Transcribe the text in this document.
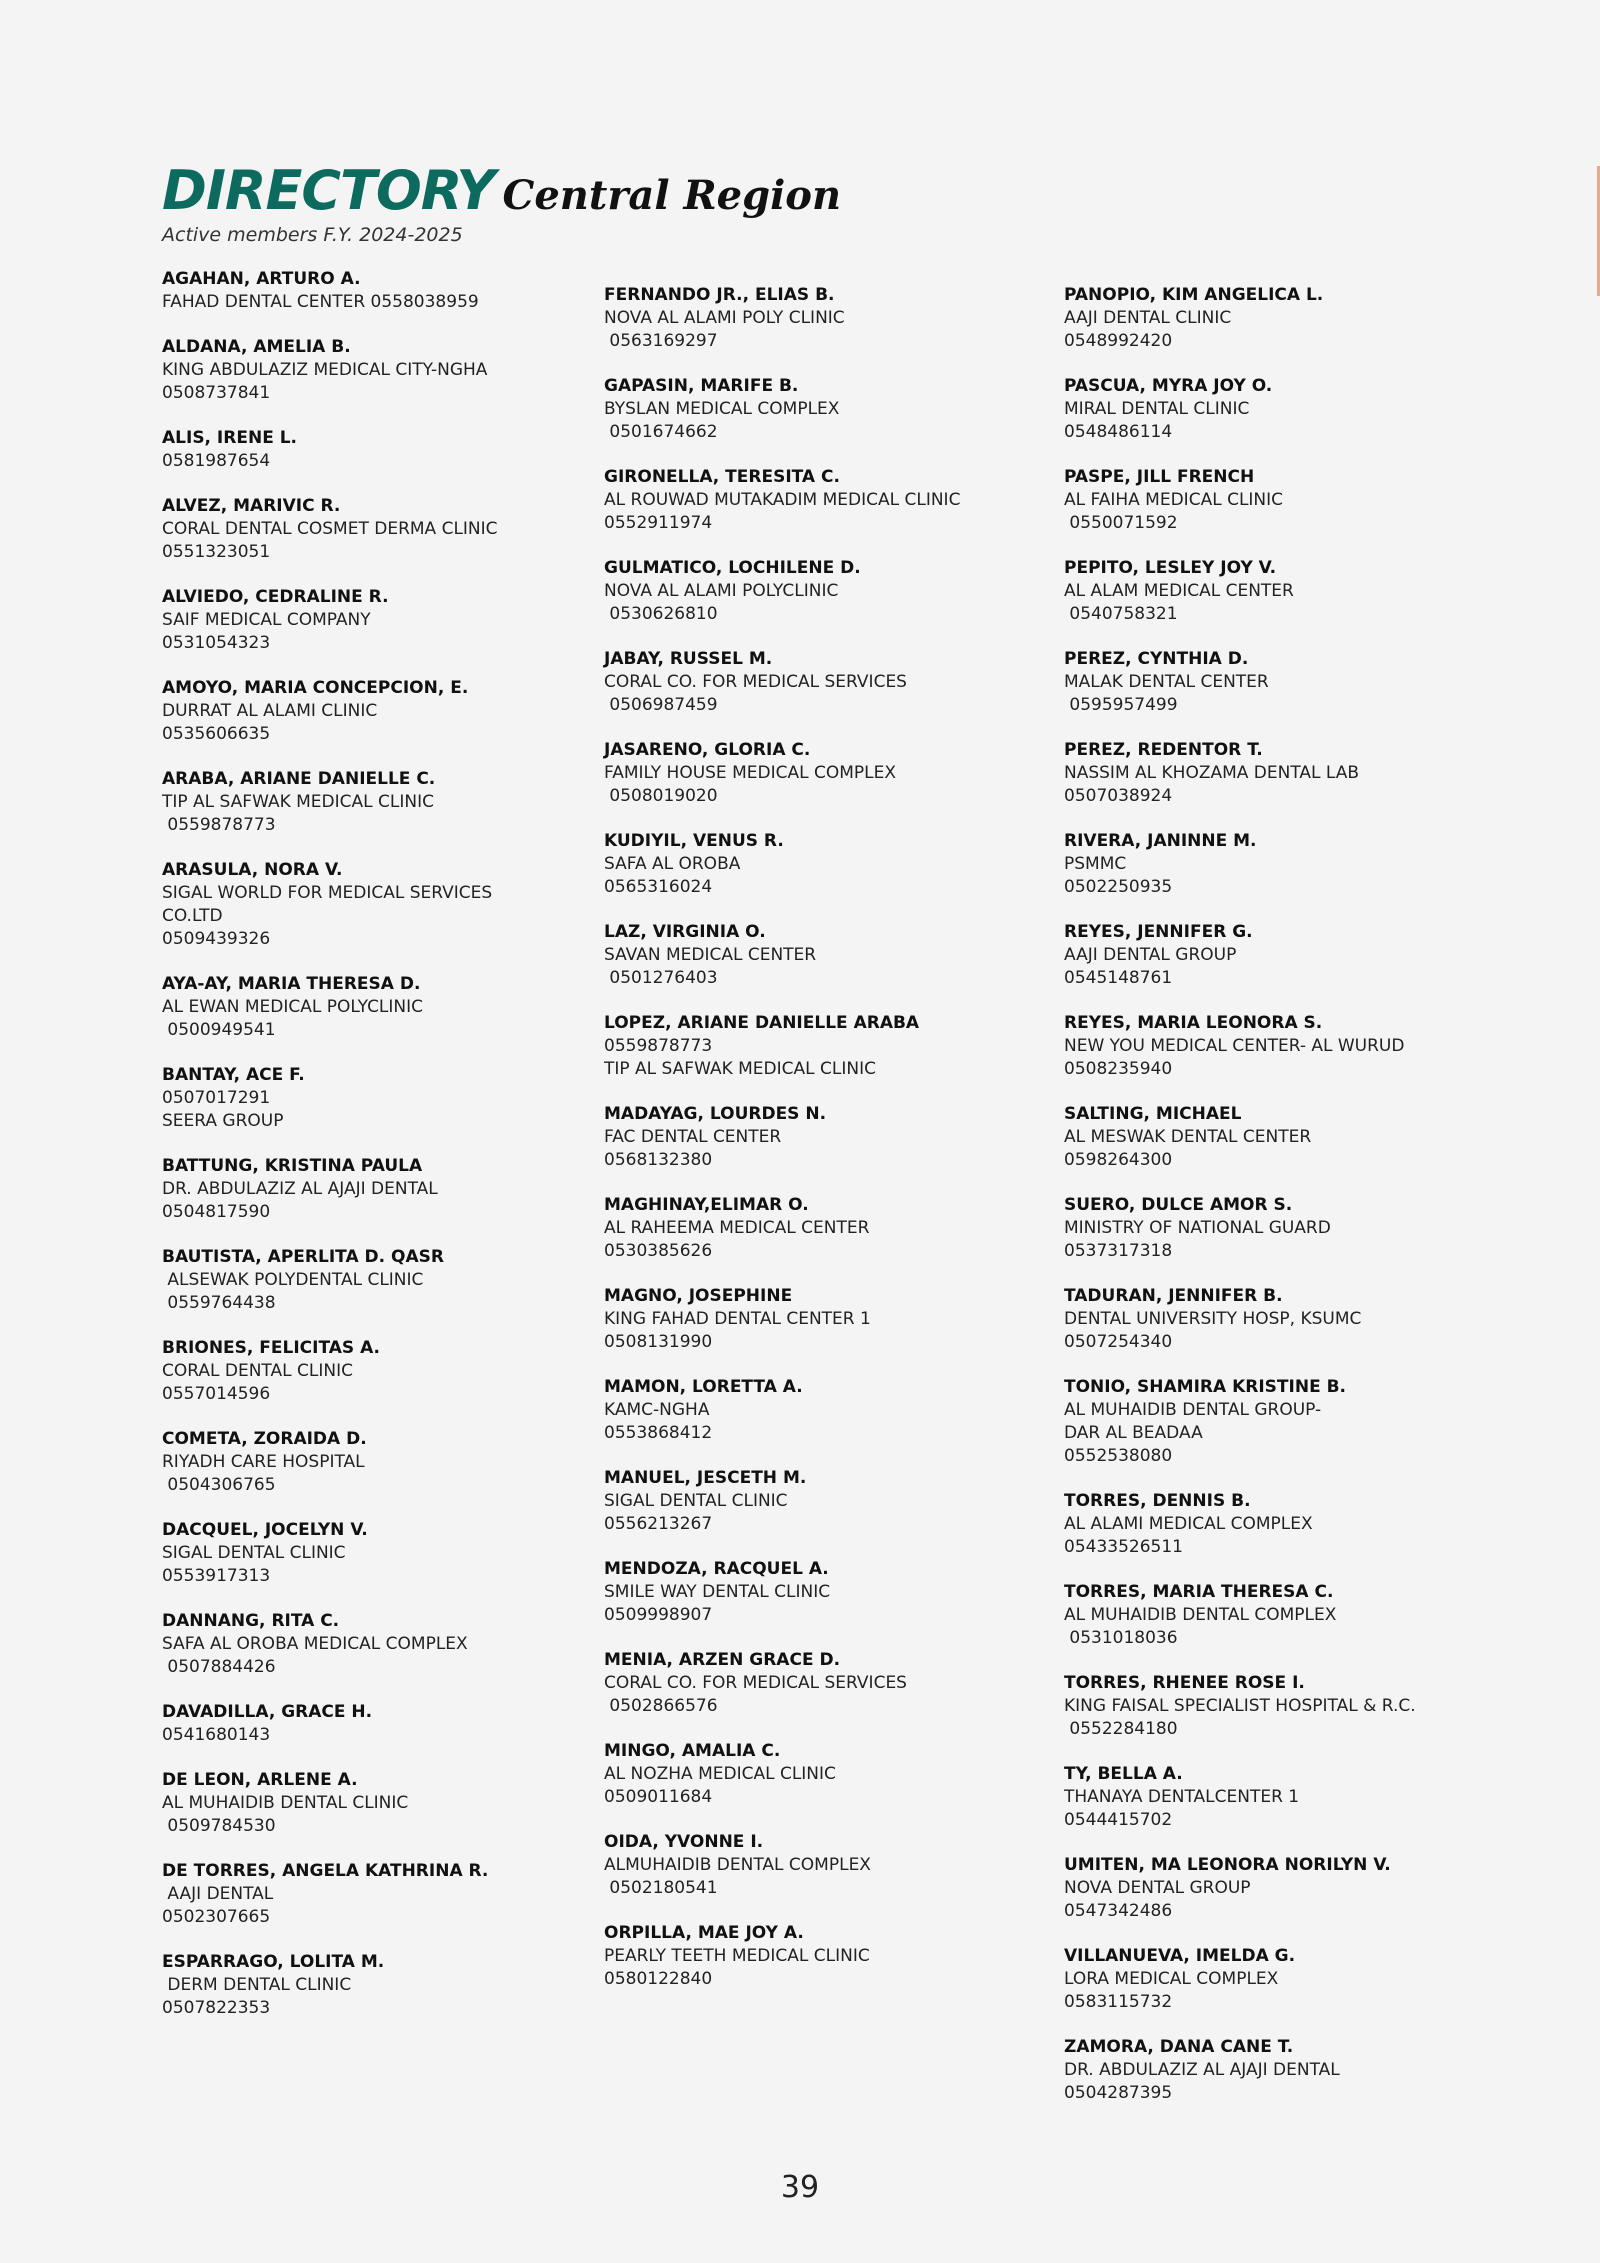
DIRECTORY Central Region
Active members F.Y. 2024-2025
AGAHAN, ARTURO A.
FAHAD DENTAL CENTER 0558038959
ALDANA, AMELIA B.
KING ABDULAZIZ MEDICAL CITY-NGHA
0508737841
ALIS, IRENE L.
0581987654
ALVEZ, MARIVIC R.
CORAL DENTAL COSMET DERMA CLINIC
0551323051
ALVIEDO, CEDRALINE R.
SAIF MEDICAL COMPANY
0531054323
AMOYO, MARIA CONCEPCION, E.
DURRAT AL ALAMI CLINIC
0535606635
ARABA, ARIANE DANIELLE C.
TIP AL SAFWAK MEDICAL CLINIC
0559878773
ARASULA, NORA V.
SIGAL WORLD FOR MEDICAL SERVICES
CO.LTD
0509439326
AYA-AY, MARIA THERESA D.
AL EWAN MEDICAL POLYCLINIC
0500949541
BANTAY, ACE F.
0507017291
SEERA GROUP
BATTUNG, KRISTINA PAULA
DR. ABDULAZIZ AL AJAJI DENTAL
0504817590
BAUTISTA, APERLITA D. QASR
ALSEWAK POLYDENTAL CLINIC
0559764438
BRIONES, FELICITAS A.
CORAL DENTAL CLINIC
0557014596
COMETA, ZORAIDA D.
RIYADH CARE HOSPITAL
0504306765
DACQUEL, JOCELYN V.
SIGAL DENTAL CLINIC
0553917313
DANNANG, RITA C.
SAFA AL OROBA MEDICAL COMPLEX
0507884426
DAVADILLA, GRACE H.
0541680143
DE LEON, ARLENE A.
AL MUHAIDIB DENTAL CLINIC
0509784530
DE TORRES, ANGELA KATHRINA R.
AAJI DENTAL
0502307665
ESPARRAGO, LOLITA M.
DERM DENTAL CLINIC
0507822353
FERNANDO JR., ELIAS B.
NOVA AL ALAMI POLY CLINIC
0563169297
GAPASIN, MARIFE B.
BYSLAN MEDICAL COMPLEX
0501674662
GIRONELLA, TERESITA C.
AL ROUWAD MUTAKADIM MEDICAL CLINIC
0552911974
GULMATICO, LOCHILENE D.
NOVA AL ALAMI POLYCLINIC
0530626810
JABAY, RUSSEL M.
CORAL CO. FOR MEDICAL SERVICES
0506987459
JASARENO, GLORIA C.
FAMILY HOUSE MEDICAL COMPLEX
0508019020
KUDIYIL, VENUS R.
SAFA AL OROBA
0565316024
LAZ, VIRGINIA O.
SAVAN MEDICAL CENTER
0501276403
LOPEZ, ARIANE DANIELLE ARABA
0559878773
TIP AL SAFWAK MEDICAL CLINIC
MADAYAG, LOURDES N.
FAC DENTAL CENTER
0568132380
MAGHINAY,ELIMAR O.
AL RAHEEMA MEDICAL CENTER
0530385626
MAGNO, JOSEPHINE
KING FAHAD DENTAL CENTER 1
0508131990
MAMON, LORETTA A.
KAMC-NGHA
0553868412
MANUEL, JESCETH M.
SIGAL DENTAL CLINIC
0556213267
MENDOZA, RACQUEL A.
SMILE WAY DENTAL CLINIC
0509998907
MENIA, ARZEN GRACE D.
CORAL CO. FOR MEDICAL SERVICES
0502866576
MINGO, AMALIA C.
AL NOZHA MEDICAL CLINIC
0509011684
OIDA, YVONNE I.
ALMUHAIDIB DENTAL COMPLEX
0502180541
ORPILLA, MAE JOY A.
PEARLY TEETH MEDICAL CLINIC
0580122840
PANOPIO, KIM ANGELICA L.
AAJI DENTAL CLINIC
0548992420
PASCUA, MYRA JOY O.
MIRAL DENTAL CLINIC
0548486114
PASPE, JILL FRENCH
AL FAIHA MEDICAL CLINIC
0550071592
PEPITO, LESLEY JOY V.
AL ALAM MEDICAL CENTER
0540758321
PEREZ, CYNTHIA D.
MALAK DENTAL CENTER
0595957499
PEREZ, REDENTOR T.
NASSIM AL KHOZAMA DENTAL LAB
0507038924
RIVERA, JANINNE M.
PSMMC
0502250935
REYES, JENNIFER G.
AAJI DENTAL GROUP
0545148761
REYES, MARIA LEONORA S.
NEW YOU MEDICAL CENTER- AL WURUD
0508235940
SALTING, MICHAEL
AL MESWAK DENTAL CENTER
0598264300
SUERO, DULCE AMOR S.
MINISTRY OF NATIONAL GUARD
0537317318
TADURAN, JENNIFER B.
DENTAL UNIVERSITY HOSP, KSUMC
0507254340
TONIO, SHAMIRA KRISTINE B.
AL MUHAIDIB DENTAL GROUP-
DAR AL BEADAA
0552538080
TORRES, DENNIS B.
AL ALAMI MEDICAL COMPLEX
05433526511
TORRES, MARIA THERESA C.
AL MUHAIDIB DENTAL COMPLEX
0531018036
TORRES, RHENEE ROSE I.
KING FAISAL SPECIALIST HOSPITAL & R.C.
0552284180
TY, BELLA A.
THANAYA DENTALCENTER 1
0544415702
UMITEN, MA LEONORA NORILYN V.
NOVA DENTAL GROUP
0547342486
VILLANUEVA, IMELDA G.
LORA MEDICAL COMPLEX
0583115732
ZAMORA, DANA CANE T.
DR. ABDULAZIZ AL AJAJI DENTAL
0504287395
39
